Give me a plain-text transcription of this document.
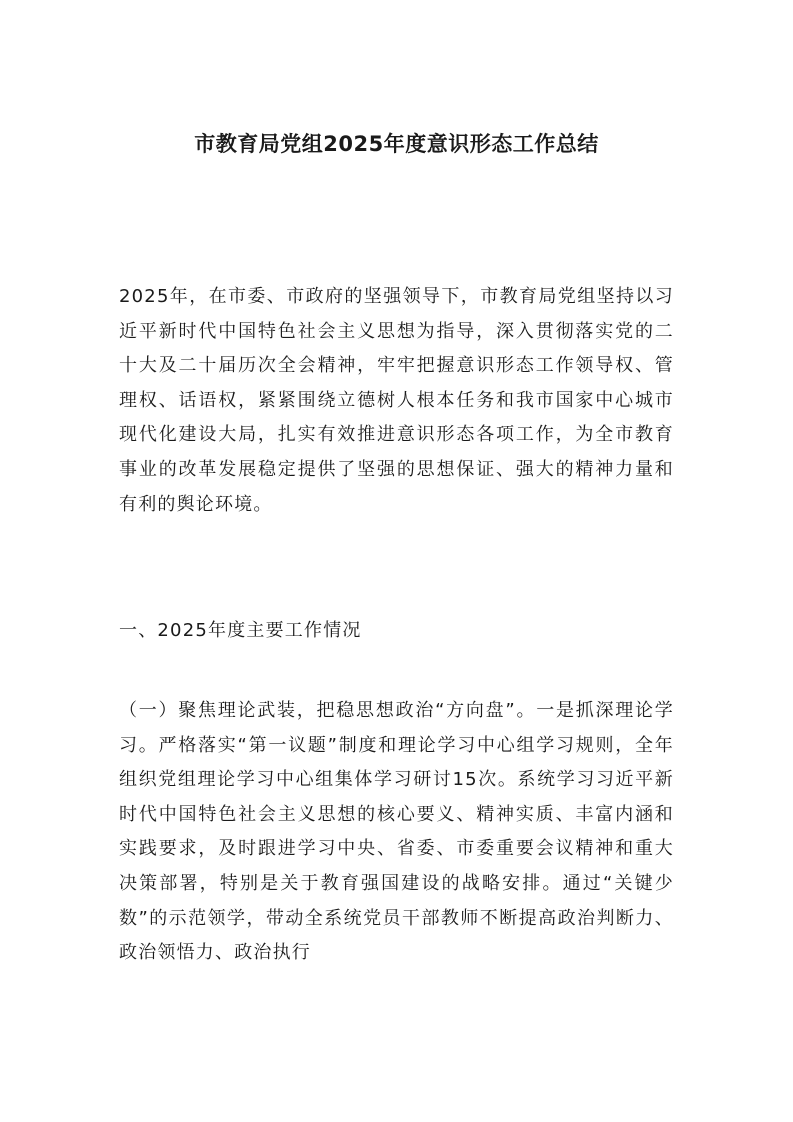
市教育局党组2025年度意识形态工作总结

2025年，在市委、市政府的坚强领导下，市教育局党组坚持以习近平新时代中国特色社会主义思想为指导，深入贯彻落实党的二十大及二十届历次全会精神，牢牢把握意识形态工作领导权、管理权、话语权，紧紧围绕立德树人根本任务和我市国家中心城市现代化建设大局，扎实有效推进意识形态各项工作，为全市教育事业的改革发展稳定提供了坚强的思想保证、强大的精神力量和有利的舆论环境。

一、2025年度主要工作情况

（一）聚焦理论武装，把稳思想政治“方向盘”。一是抓深理论学习。严格落实“第一议题”制度和理论学习中心组学习规则，全年组织党组理论学习中心组集体学习研讨15次。系统学习习近平新时代中国特色社会主义思想的核心要义、精神实质、丰富内涵和实践要求，及时跟进学习中央、省委、市委重要会议精神和重大决策部署，特别是关于教育强国建设的战略安排。通过“关键少数”的示范领学，带动全系统党员干部教师不断提高政治判断力、政治领悟力、政治执行
